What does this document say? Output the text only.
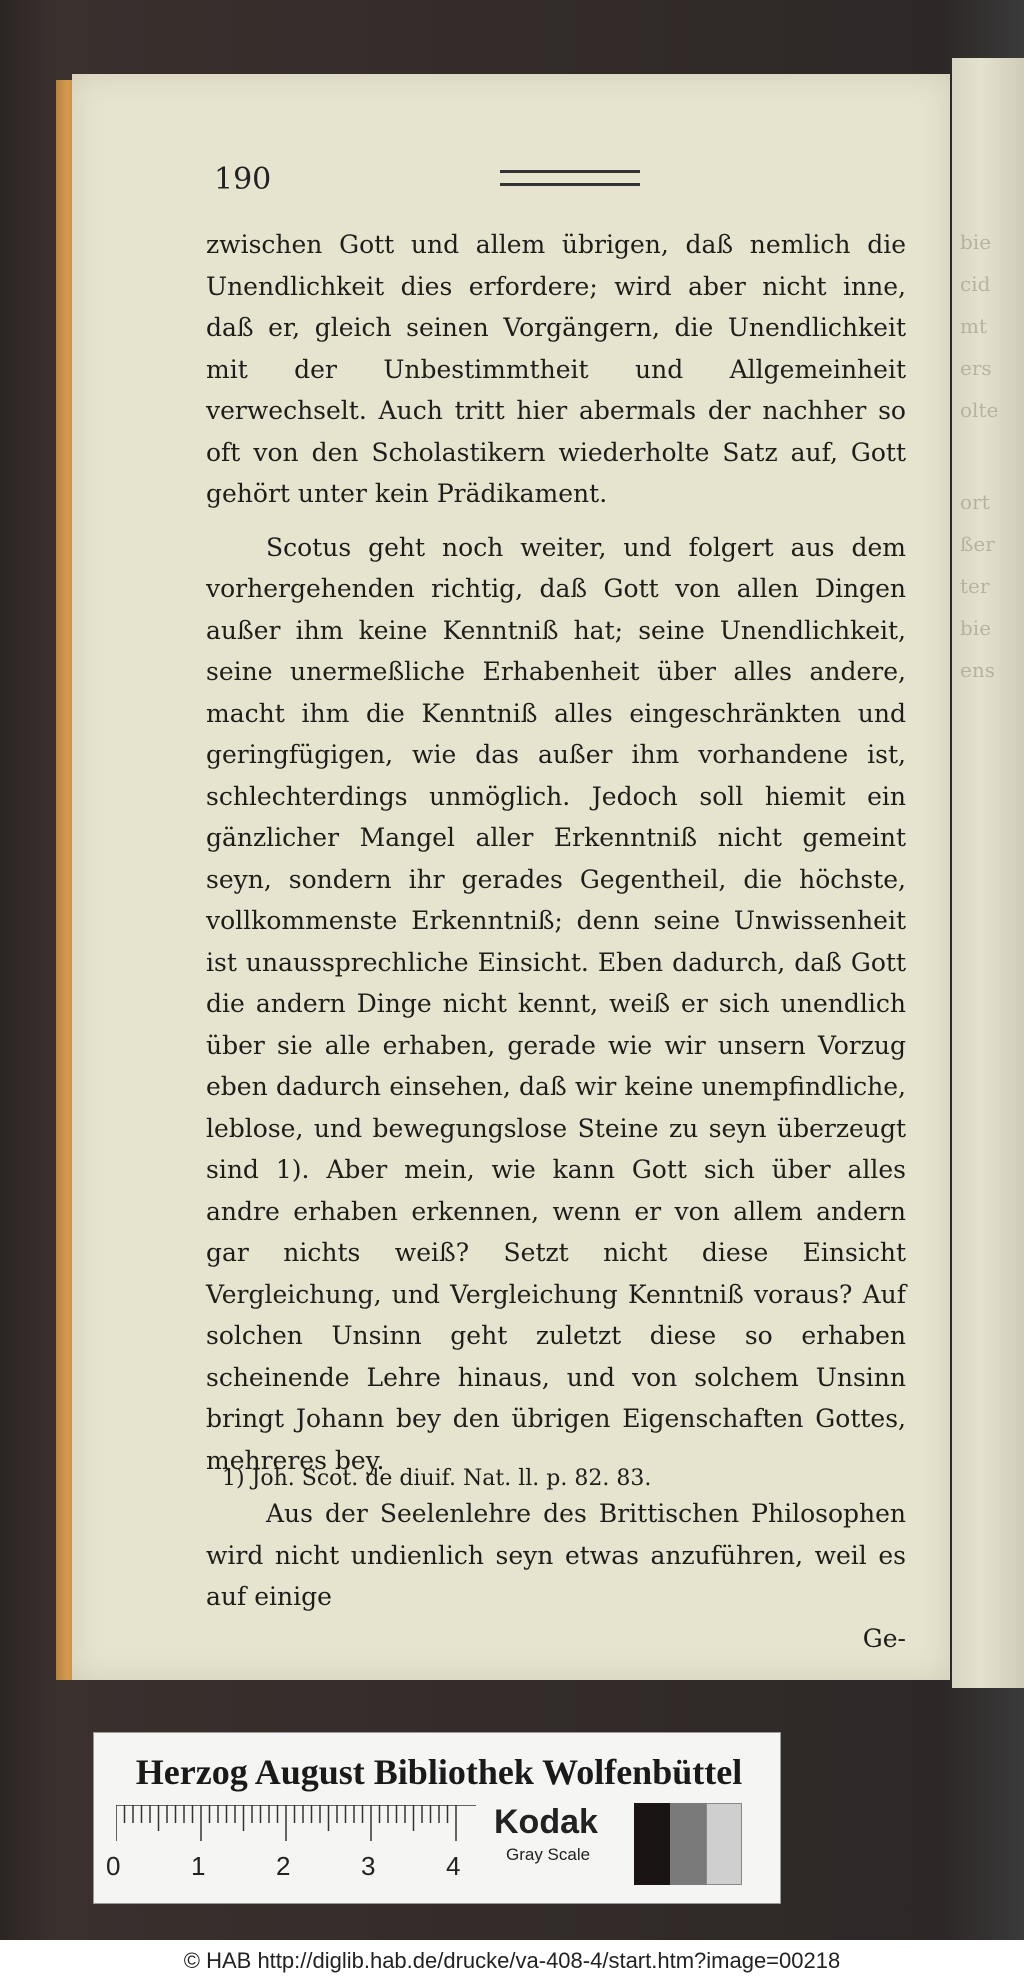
bie
cid
mt
ers
olte
ort
ßer
ter
bie
ens
190

zwischen Gott und allem übrigen, daß nemlich die Unendlichkeit dies erfordere; wird aber nicht inne, daß er, gleich seinen Vorgängern, die Unendlichkeit mit der Unbestimmtheit und Allgemeinheit verwechselt. Auch tritt hier abermals der nachher so oft von den Scholastikern wiederholte Satz auf, Gott gehört unter kein Prädikament.

Scotus geht noch weiter, und folgert aus dem vorhergehenden richtig, daß Gott von allen Dingen außer ihm keine Kenntniß hat; seine Unendlichkeit, seine unermeßliche Erhabenheit über alles andere, macht ihm die Kenntniß alles eingeschränkten und geringfügigen, wie das außer ihm vorhandene ist, schlechterdings unmöglich. Jedoch soll hiemit ein gänzlicher Mangel aller Erkenntniß nicht gemeint seyn, sondern ihr gerades Gegentheil, die höchste, vollkommenste Erkenntniß; denn seine Unwissenheit ist unaussprechliche Einsicht. Eben dadurch, daß Gott die andern Dinge nicht kennt, weiß er sich unendlich über sie alle erhaben, gerade wie wir unsern Vorzug eben dadurch einsehen, daß wir keine unempfindliche, leblose, und bewegungslose Steine zu seyn überzeugt sind 1). Aber mein, wie kann Gott sich über alles andre erhaben erkennen, wenn er von allem andern gar nichts weiß? Setzt nicht diese Einsicht Vergleichung, und Vergleichung Kenntniß voraus? Auf solchen Unsinn geht zuletzt diese so erhaben scheinende Lehre hinaus, und von solchem Unsinn bringt Johann bey den übrigen Eigenschaften Gottes, mehreres bey.

Aus der Seelenlehre des Brittischen Philosophen wird nicht undienlich seyn etwas anzuführen, weil es auf einige

Ge-

1) Joh. Scot. de diuif. Nat. ll. p. 82. 83.
Herzog August Bibliothek Wolfenbüttel
0	1	2	3	4
Kodak
Gray Scale
© HAB http://diglib.hab.de/drucke/va-408-4/start.htm?image=00218
